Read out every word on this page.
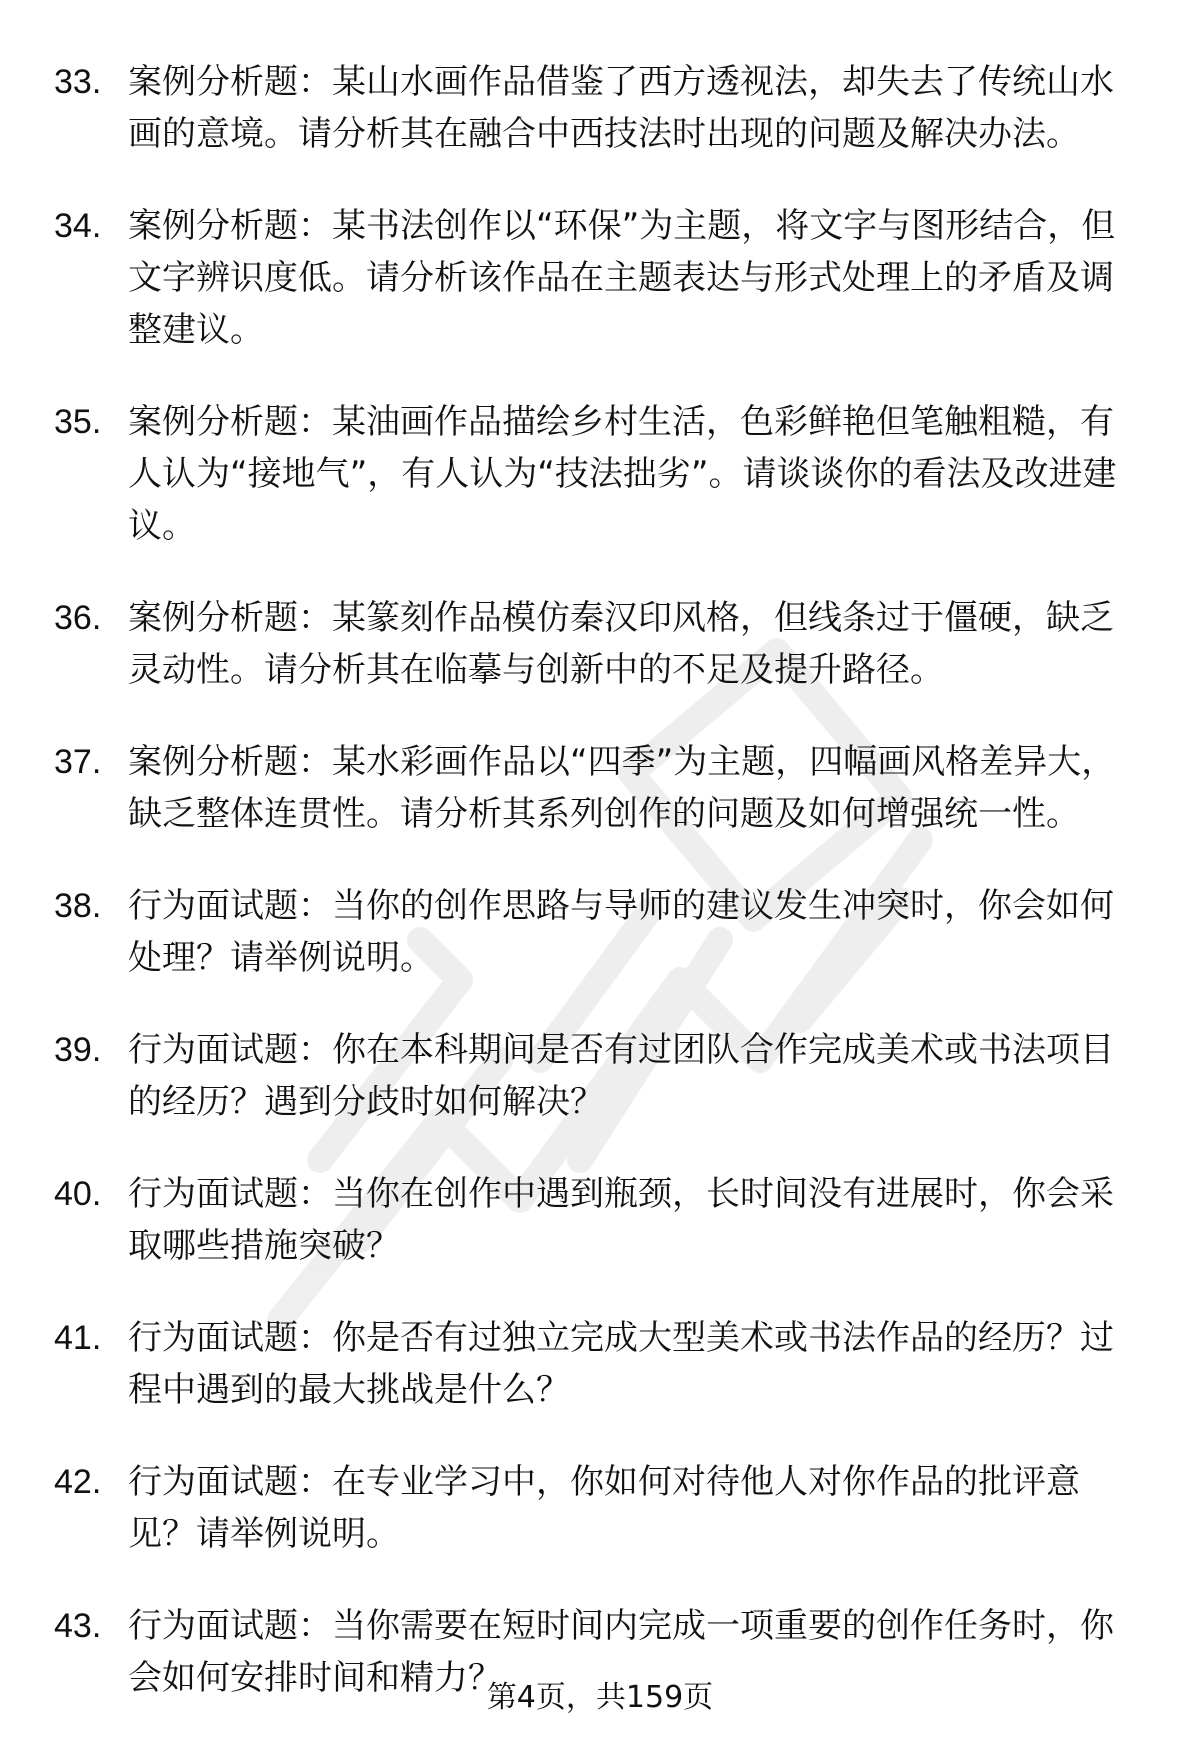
33. 案例分析题：某山水画作品借鉴了西方透视法，却失去了传统山水画的意境。请分析其在融合中西技法时出现的问题及解决办法。
34. 案例分析题：某书法创作以“环保”为主题，将文字与图形结合，但文字辨识度低。请分析该作品在主题表达与形式处理上的矛盾及调整建议。
35. 案例分析题：某油画作品描绘乡村生活，色彩鲜艳但笔触粗糙，有人认为“接地气”，有人认为“技法拙劣”。请谈谈你的看法及改进建议。
36. 案例分析题：某篆刻作品模仿秦汉印风格，但线条过于僵硬，缺乏灵动性。请分析其在临摹与创新中的不足及提升路径。
37. 案例分析题：某水彩画作品以“四季”为主题，四幅画风格差异大，缺乏整体连贯性。请分析其系列创作的问题及如何增强统一性。
38. 行为面试题：当你的创作思路与导师的建议发生冲突时，你会如何处理？请举例说明。
39. 行为面试题：你在本科期间是否有过团队合作完成美术或书法项目的经历？遇到分歧时如何解决？
40. 行为面试题：当你在创作中遇到瓶颈，长时间没有进展时，你会采取哪些措施突破？
41. 行为面试题：你是否有过独立完成大型美术或书法作品的经历？过程中遇到的最大挑战是什么？
42. 行为面试题：在专业学习中，你如何对待他人对你作品的批评意见？请举例说明。
43. 行为面试题：当你需要在短时间内完成一项重要的创作任务时，你会如何安排时间和精力？
第4页，共159页
